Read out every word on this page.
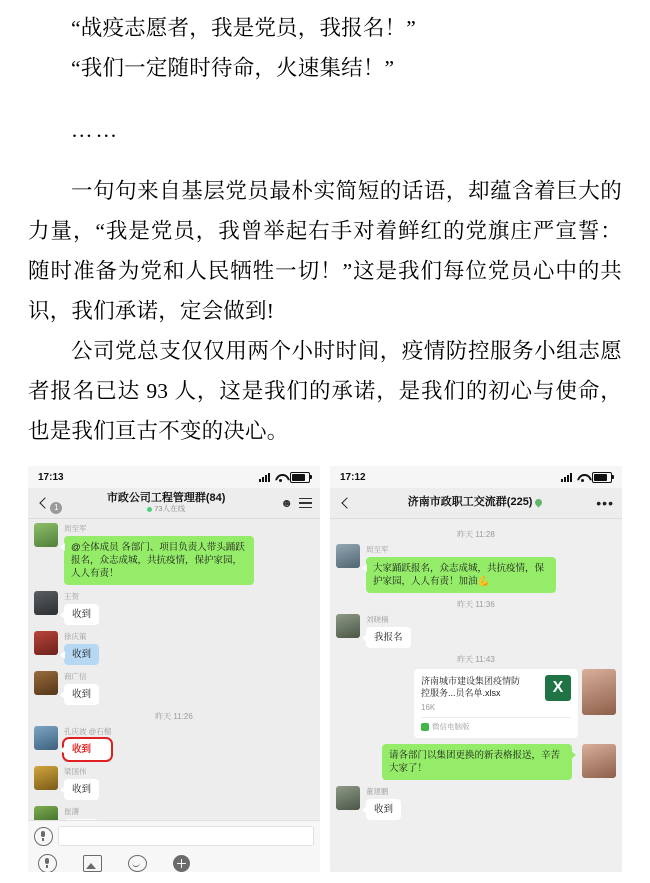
“战疫志愿者，我是党员，我报名！”

“我们一定随时待命，火速集结！”

……

一句句来自基层党员最朴实简短的话语，却蕴含着巨大的力量，“我是党员，我曾举起右手对着鲜红的党旗庄严宣誓：随时准备为党和人民牺牲一切！”这是我们每位党员心中的共识，我们承诺，定会做到!

公司党总支仅仅用两个小时时间，疫情防控服务小组志愿者报名已达 93 人，这是我们的承诺，是我们的初心与使命，也是我们亘古不变的决心。

17:13
1
市政公司工程管理群(84)
73人在线	☻
周至军
@全体成员 各部门、项目负责人带头踊跃报名，众志成城，共抗疫情，保护家园，人人有责！
王贺
收到
徐庆策
收到
商广信
收到
昨天 11:26
孔庆波 @石榴
收到
梁国伟
收到
崔濤
17:12
济南市政职工交流群(225)	•••
昨天 11:28
周至军
大家踊跃报名，众志成城，共抗疫情，保护家园，人人有责！加油💪
昨天 11:36
刘晓楠
我报名
昨天 11:43
济南城市建设集团疫情防控服务...员名单.xlsx
16K
X
微信电脑版
请各部门以集团更换的新表格报送，辛苦大家了！
董建鹏
收到
